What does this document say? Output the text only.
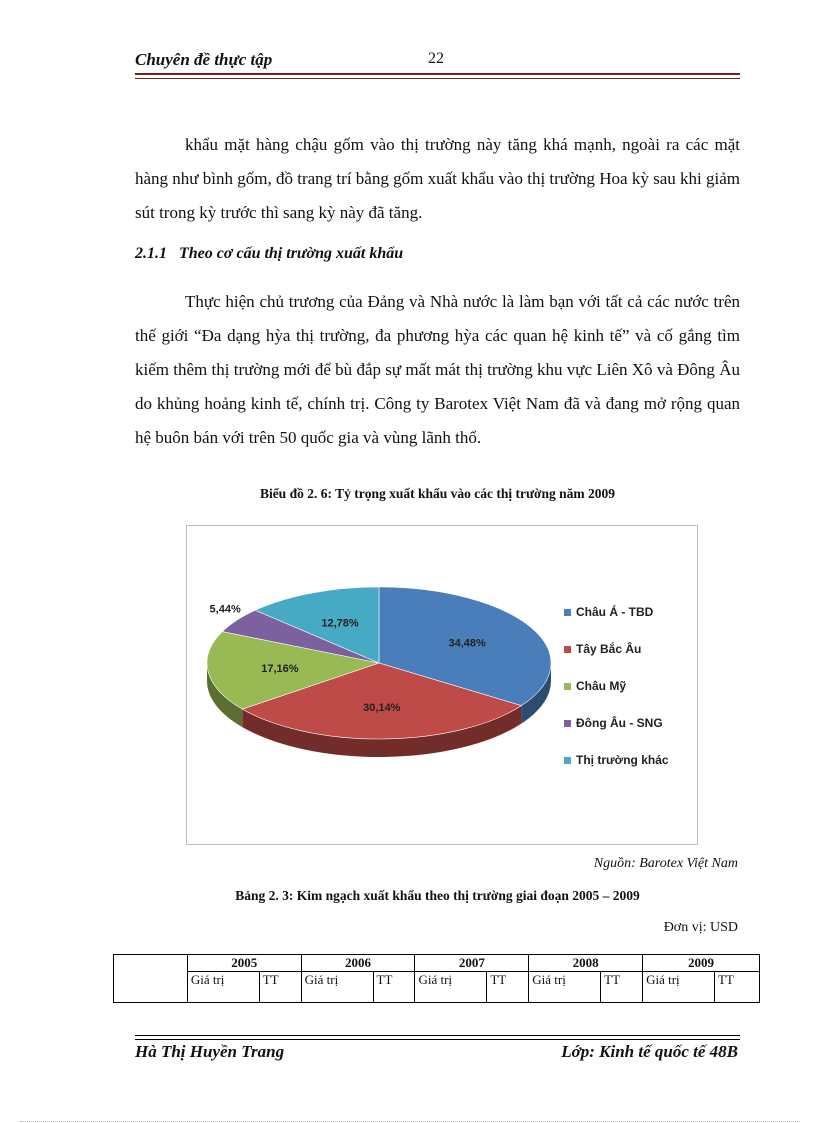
Chuyên đề thực tập	22
khẩu mặt hàng chậu gốm vào thị trường này tăng khá mạnh, ngoài ra các mặt hàng như bình gốm, đồ trang trí bằng gốm xuất khẩu vào thị trường Hoa kỳ sau khi giảm sút trong kỳ trước thì sang kỳ này đã tăng.
2.1.1 Theo cơ cấu thị trường xuất khẩu
Thực hiện chủ trương của Đảng và Nhà nước là làm bạn với tất cả các nước trên thế giới “Đa dạng hỳa thị trường, đa phương hỳa các quan hệ kinh tế” và cố gắng tìm kiếm thêm thị trường mới để bù đắp sự mất mát thị trường khu vực Liên Xô và Đông Âu do khủng hoảng kinh tế, chính trị. Công ty Barotex Việt Nam đã và đang mở rộng quan hệ buôn bán với trên 50 quốc gia và vùng lãnh thổ.
Biểu đồ 2. 6: Tỷ trọng xuất khẩu vào các thị trường năm 2009
34,48%
30,14%
17,16%
5,44%
12,78%
Châu Á - TBD
Tây Bắc Âu
Châu Mỹ
Đông Âu - SNG
Thị trường khác
Nguồn: Barotex Việt Nam
Bảng 2. 3: Kim ngạch xuất khẩu theo thị trường giai đoạn 2005 – 2009
Đơn vị: USD
	2005		2006		2007		2008		2009	
	Giá trị	TT	Giá trị	TT	Giá trị	TT	Giá trị	TT	Giá trị	TT
Hà Thị Huyền Trang	Lớp: Kinh tế quốc tế 48B
